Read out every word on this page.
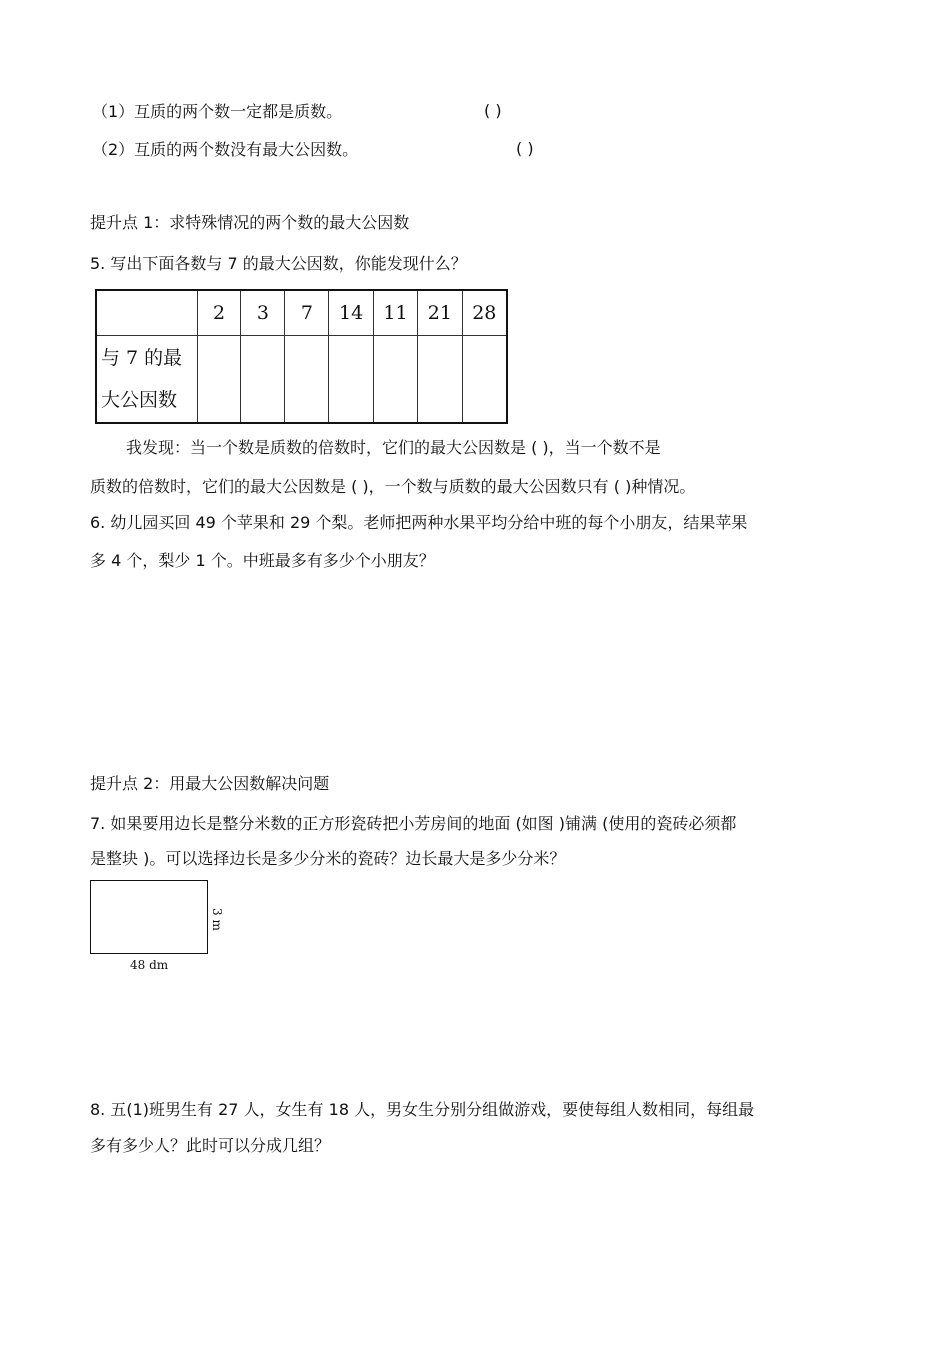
（1）互质的两个数一定都是质数。	( )
（2）互质的两个数没有最大公因数。	( )
提升点 1：求特殊情况的两个数的最大公因数
5. 写出下面各数与 7 的最大公因数，你能发现什么？
	2	3	7	14	11	21	28

与 7 的最
大公因数							

我发现：当一个数是质数的倍数时，它们的最大公因数是 ( )，当一个数不是
质数的倍数时，它们的最大公因数是 ( )，一个数与质数的最大公因数只有 ( )种情况。
6. 幼儿园买回 49 个苹果和 29 个梨。老师把两种水果平均分给中班的每个小朋友，结果苹果
多 4 个，梨少 1 个。中班最多有多少个小朋友？
提升点 2：用最大公因数解决问题
7. 如果要用边长是整分米数的正方形瓷砖把小芳房间的地面 (如图 )铺满 (使用的瓷砖必须都
是整块 )。可以选择边长是多少分米的瓷砖？边长最大是多少分米？
3 m
48 dm
8. 五(1)班男生有 27 人，女生有 18 人，男女生分别分组做游戏，要使每组人数相同，每组最
多有多少人？此时可以分成几组？
